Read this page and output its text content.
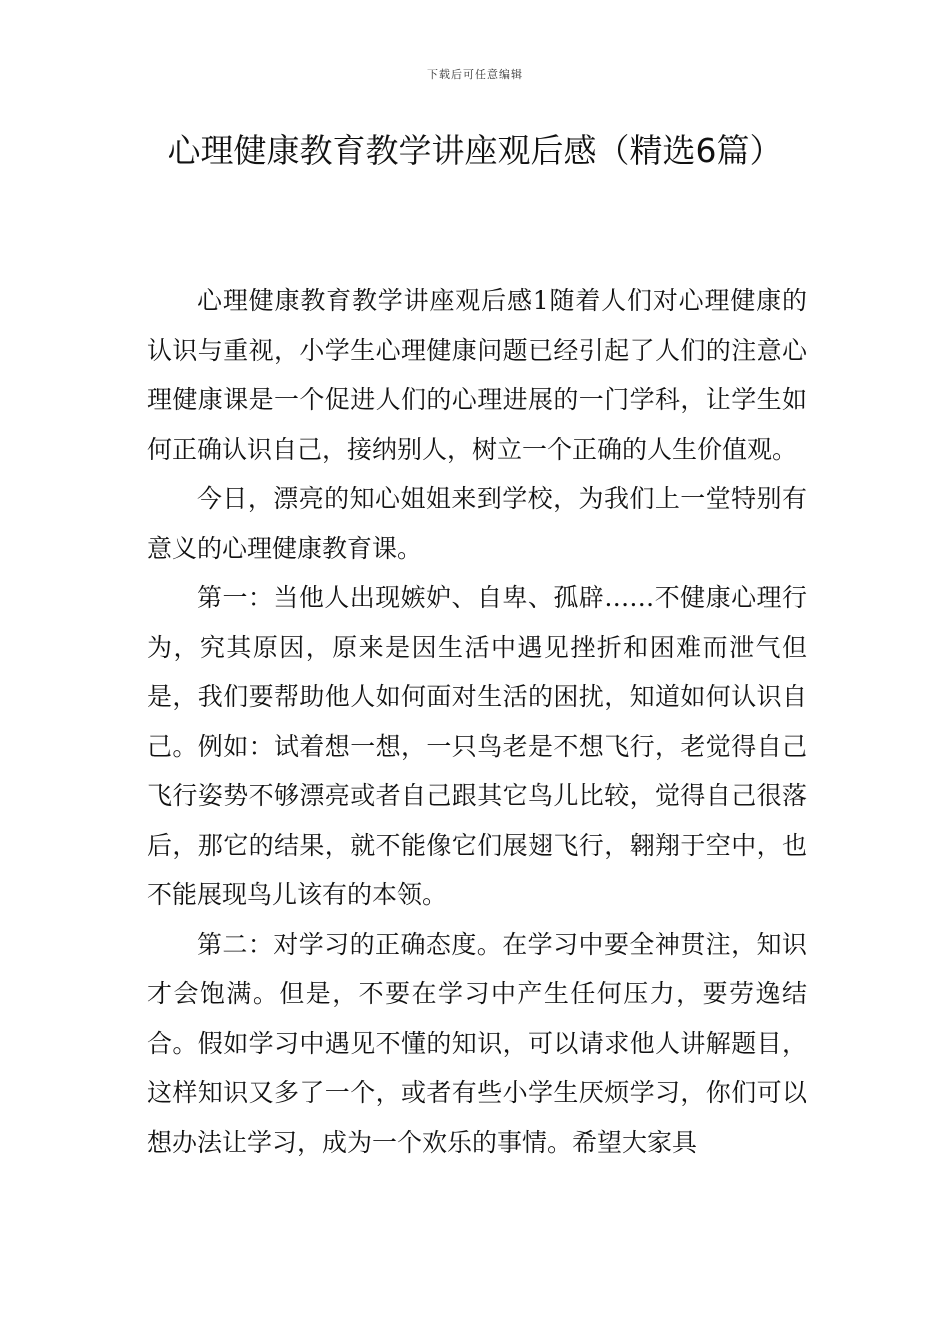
下载后可任意编辑
心理健康教育教学讲座观后感（精选6篇）

心理健康教育教学讲座观后感1随着人们对心理健康的认识与重视，小学生心理健康问题已经引起了人们的注意心理健康课是一个促进人们的心理进展的一门学科，让学生如何正确认识自己，接纳别人，树立一个正确的人生价值观。

今日，漂亮的知心姐姐来到学校，为我们上一堂特别有意义的心理健康教育课。

第一：当他人出现嫉妒、自卑、孤辟……不健康心理行为，究其原因，原来是因生活中遇见挫折和困难而泄气但是，我们要帮助他人如何面对生活的困扰，知道如何认识自己。例如：试着想一想，一只鸟老是不想飞行，老觉得自己飞行姿势不够漂亮或者自己跟其它鸟儿比较，觉得自己很落后，那它的结果，就不能像它们展翅飞行，翱翔于空中，也不能展现鸟儿该有的本领。

第二：对学习的正确态度。在学习中要全神贯注，知识才会饱满。但是，不要在学习中产生任何压力，要劳逸结合。假如学习中遇见不懂的知识，可以请求他人讲解题目，这样知识又多了一个，或者有些小学生厌烦学习，你们可以想办法让学习，成为一个欢乐的事情。希望大家具
